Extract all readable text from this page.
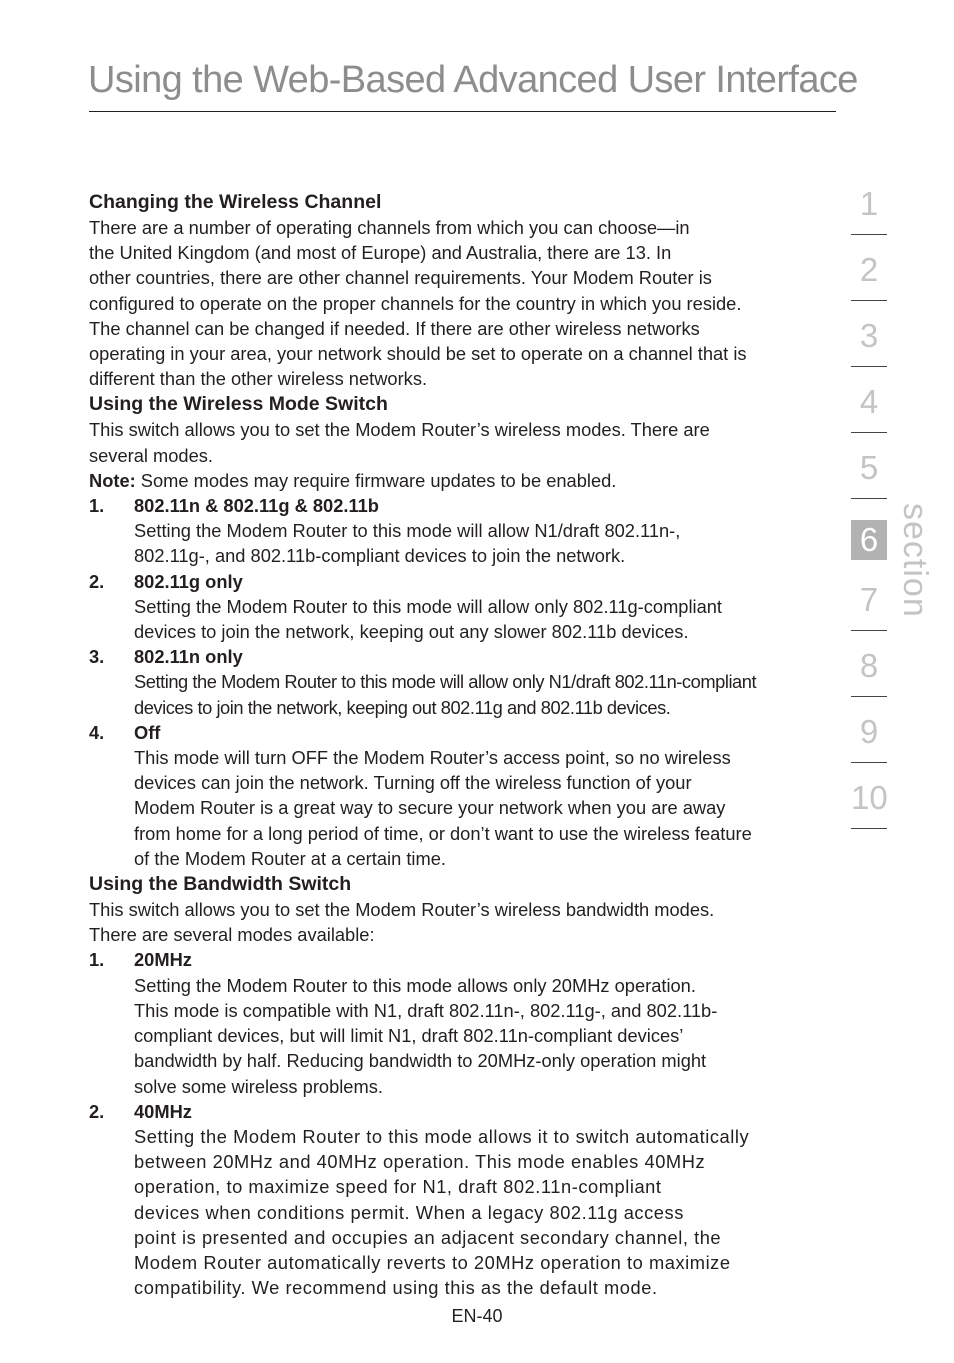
Using the Web-Based Advanced User Interface

Changing the Wireless Channel

There are a number of operating channels from which you can choose—in

the United Kingdom (and most of Europe) and Australia, there are 13. In

other countries, there are other channel requirements. Your Modem Router is

configured to operate on the proper channels for the country in which you reside.

The channel can be changed if needed. If there are other wireless networks

operating in your area, your network should be set to operate on a channel that is

different than the other wireless networks.

Using the Wireless Mode Switch

This switch allows you to set the Modem Router’s wireless modes. There are

several modes.

Note: Some modes may require firmware updates to be enabled.

1.	802.11n & 802.11g & 802.11b

Setting the Modem Router to this mode will allow N1/draft 802.11n-,

802.11g-, and 802.11b-compliant devices to join the network.

2.	802.11g only

Setting the Modem Router to this mode will allow only 802.11g-compliant

devices to join the network, keeping out any slower 802.11b devices.

3.	802.11n only

Setting the Modem Router to this mode will allow only N1/draft 802.11n-compliant

devices to join the network, keeping out 802.11g and 802.11b devices.

4.	Off

This mode will turn OFF the Modem Router’s access point, so no wireless

devices can join the network. Turning off the wireless function of your

Modem Router is a great way to secure your network when you are away

from home for a long period of time, or don’t want to use the wireless feature

of the Modem Router at a certain time.

Using the Bandwidth Switch

This switch allows you to set the Modem Router’s wireless bandwidth modes.

There are several modes available:

1.	20MHz

Setting the Modem Router to this mode allows only 20MHz operation.

This mode is compatible with N1, draft 802.11n-, 802.11g-, and 802.11b-

compliant devices, but will limit N1, draft 802.11n-compliant devices’

bandwidth by half. Reducing bandwidth to 20MHz-only operation might

solve some wireless problems.

2.	40MHz

Setting the Modem Router to this mode allows it to switch automatically

between 20MHz and 40MHz operation. This mode enables 40MHz

operation, to maximize speed for N1, draft 802.11n-compliant

devices when conditions permit. When a legacy 802.11g access

point is presented and occupies an adjacent secondary channel, the

Modem Router automatically reverts to 20MHz operation to maximize

compatibility. We recommend using this as the default mode.

EN-40
1
2
3
4
5
6
7
8
9
10
section
